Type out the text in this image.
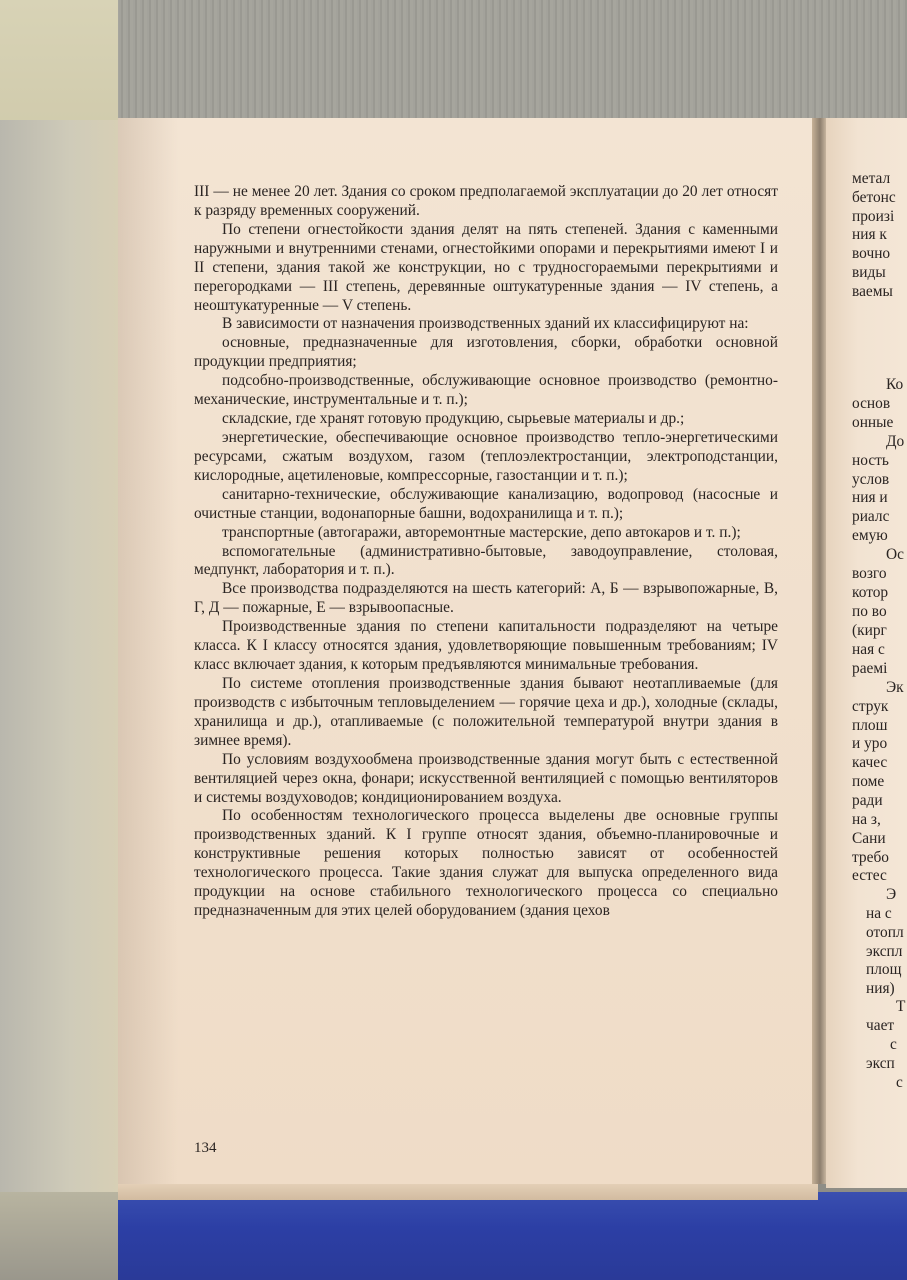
метал
бетонс
произі
ния к
вочно
виды
ваемы
Ко
основ
онные
До
ность
услов
ния и
риалс
емую
Ос
возго
котор
по во
(кирг
ная с
раемі
Эк
струк
плош
и уро
качес
поме
ради
на з,
Сани
требо
естес
Э
на с
отопл
экспл
площ
ния)
Т
чает
с
эксп
с

III — не менее 20 лет. Здания со сроком предполагаемой эксплуатации до 20 лет относят к разряду временных сооружений.

По степени огнестойкости здания делят на пять степеней. Здания с каменными наружными и внутренними стенами, огнестойкими опорами и перекрытиями имеют I и II степени, здания такой же конструкции, но с трудносгораемыми перекрытиями и перегородками — III степень, деревянные оштукатуренные здания — IV степень, а неоштукатуренные — V степень.

В зависимости от назначения производственных зданий их классифицируют на:

основные, предназначенные для изготовления, сборки, обработки основной продукции предприятия;

подсобно-производственные, обслуживающие основное производство (ремонтно-механические, инструментальные и т. п.);

складские, где хранят готовую продукцию, сырьевые материалы и др.;

энергетические, обеспечивающие основное производство тепло-энергетическими ресурсами, сжатым воздухом, газом (теплоэлектростанции, электроподстанции, кислородные, ацетиленовые, компрессорные, газостанции и т. п.);

санитарно-технические, обслуживающие канализацию, водопровод (насосные и очистные станции, водонапорные башни, водохранилища и т. п.);

транспортные (автогаражи, авторемонтные мастерские, депо автокаров и т. п.);

вспомогательные (административно-бытовые, заводоуправление, столовая, медпункт, лаборатория и т. п.).

Все производства подразделяются на шесть категорий: А, Б — взрывопожарные, В, Г, Д — пожарные, Е — взрывоопасные.

Производственные здания по степени капитальности подразделяют на четыре класса. К I классу относятся здания, удовлетворяющие повышенным требованиям; IV класс включает здания, к которым предъявляются минимальные требования.

По системе отопления производственные здания бывают неотапливаемые (для производств с избыточным тепловыделением — горячие цеха и др.), холодные (склады, хранилища и др.), отапливаемые (с положительной температурой внутри здания в зимнее время).

По условиям воздухообмена производственные здания могут быть с естественной вентиляцией через окна, фонари; искусственной вентиляцией с помощью вентиляторов и системы воздуховодов; кондиционированием воздуха.

По особенностям технологического процесса выделены две основные группы производственных зданий. К I группе относят здания, объемно-планировочные и конструктивные решения которых полностью зависят от особенностей технологического процесса. Такие здания служат для выпуска определенного вида продукции на основе стабильного технологического процесса со специально предназначенным для этих целей оборудованием (здания цехов

134
